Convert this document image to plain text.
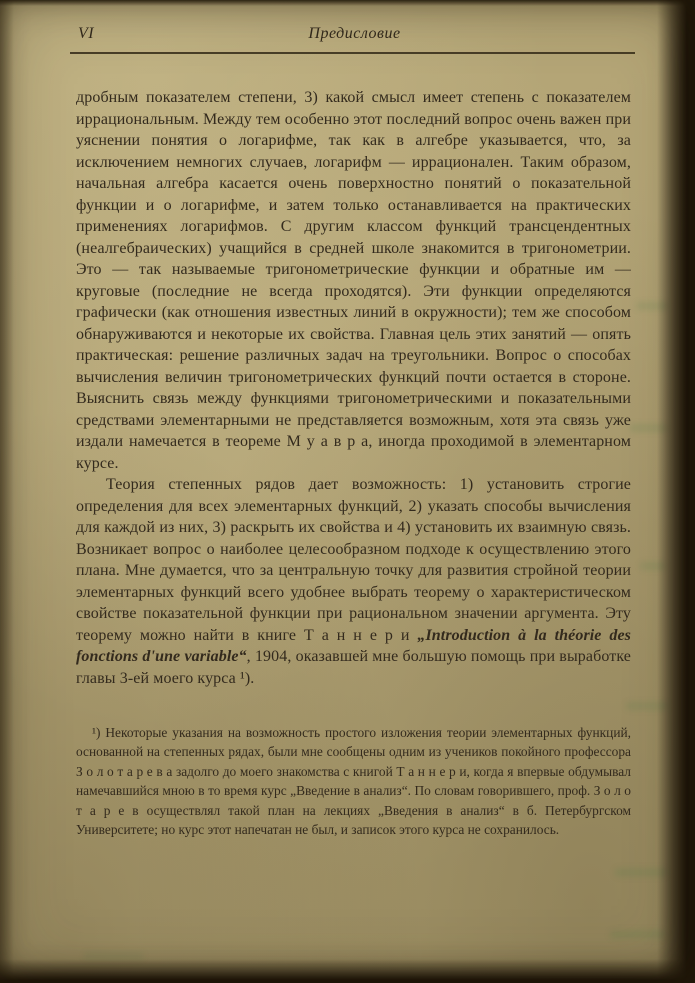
VI	Предисловие

дробным показателем степени, 3) какой смысл имеет степень с показателем иррациональным. Между тем особенно этот последний вопрос очень важен при уяснении понятия о логарифме, так как в алгебре указывается, что, за исключением немногих случаев, логарифм — иррационален. Таким образом, начальная алгебра касается очень поверхностно понятий о показательной функции и о логарифме, и затем только останавливается на практических применениях логарифмов. С другим классом функций трансцендентных (неалгебраических) учащийся в средней школе знакомится в тригонометрии. Это — так называемые тригонометрические функции и обратные им — круговые (последние не всегда проходятся). Эти функции определяются графически (как отношения известных линий в окружности); тем же способом обнаруживаются и некоторые их свойства. Главная цель этих занятий — опять практическая: решение различных задач на треугольники. Вопрос о способах вычисления величин тригонометрических функций почти остается в стороне. Выяснить связь между функциями тригонометрическими и показательными средствами элементарными не представляется возможным, хотя эта связь уже издали намечается в теореме М у а в р а, иногда проходимой в элементарном курсе.

Теория степенных рядов дает возможность: 1) установить строгие определения для всех элементарных функций, 2) указать способы вычисления для каждой из них, 3) раскрыть их свойства и 4) установить их взаимную связь. Возникает вопрос о наиболее целесообразном подходе к осуществлению этого плана. Мне думается, что за центральную точку для развития стройной теории элементарных функций всего удобнее выбрать теорему о характеристическом свойстве показательной функции при рациональном значении аргумента. Эту теорему можно найти в книге Т а н н е р и „Introduction à la théorie des fonctions d'une variable“, 1904, оказавшей мне большую помощь при выработке главы 3-ей моего курса ¹).

¹) Некоторые указания на возможность простого изложения теории элементарных функций, основанной на степенных рядах, были мне сообщены одним из учеников покойного профессора З о л о т а р е в а задолго до моего знакомства с книгой Т а н н е р и, когда я впервые обдумывал намечавшийся мною в то время курс „Введение в анализ“. По словам говорившего, проф. З о л о т а р е в осуществлял такой план на лекциях „Введения в анализ“ в б. Петербургском Университете; но курс этот напечатан не был, и записок этого курса не сохранилось.
